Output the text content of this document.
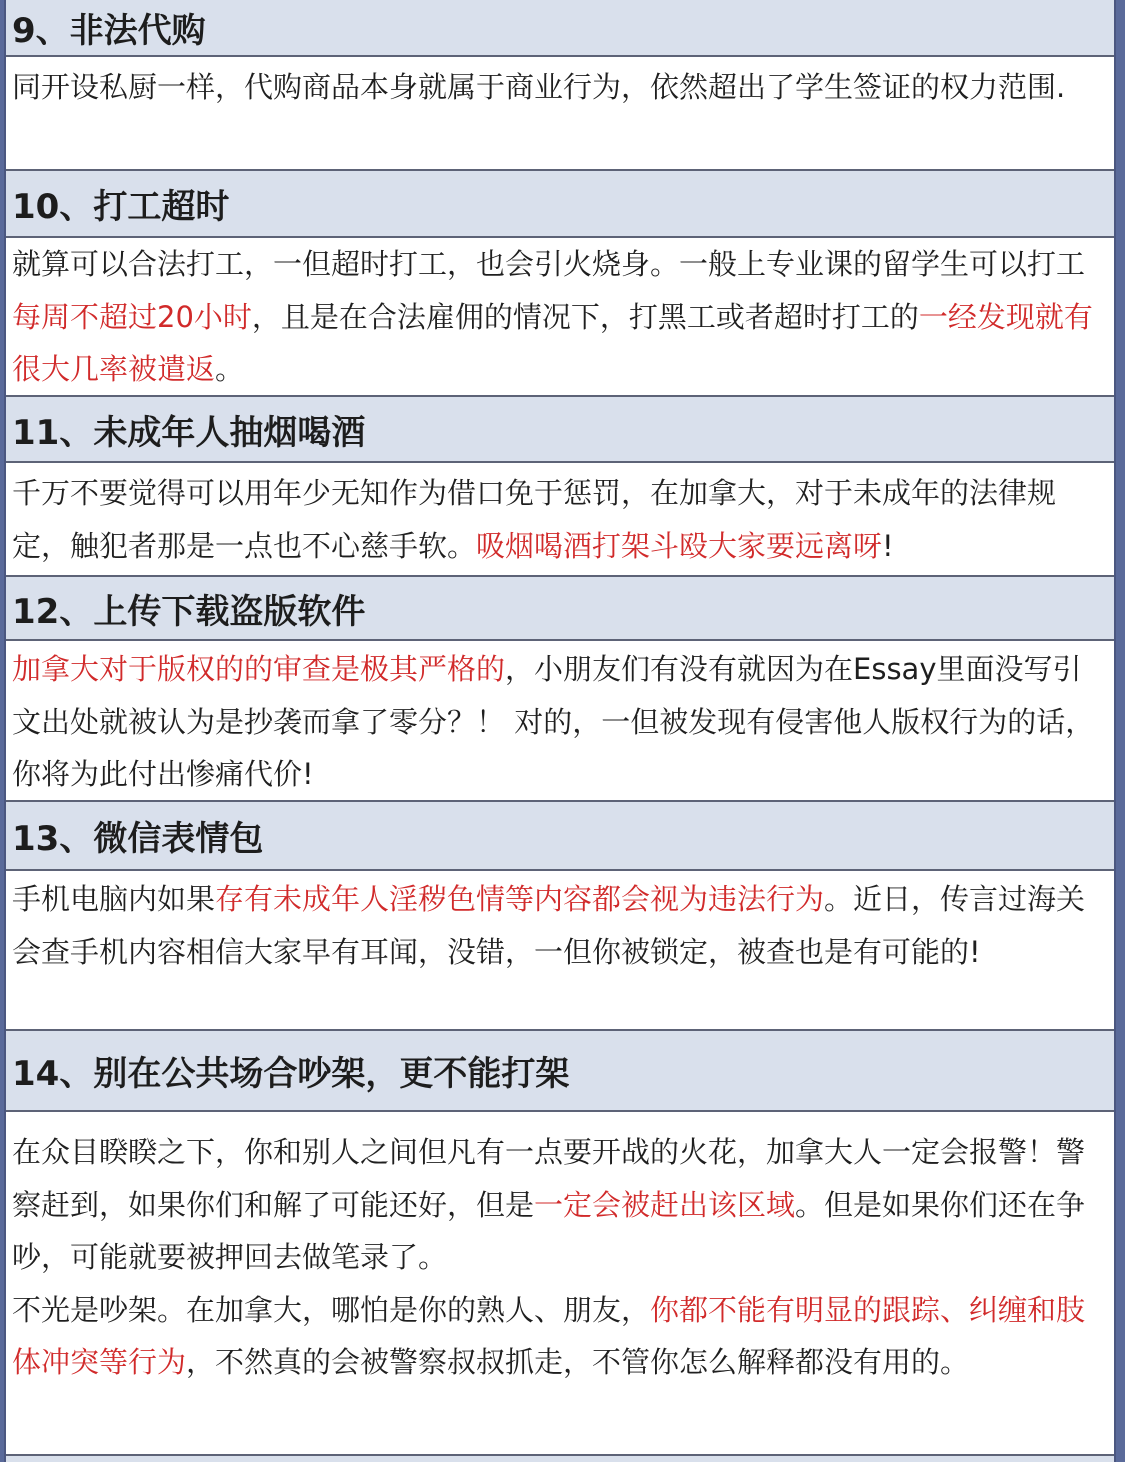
9、非法代购

同开设私厨一样，代购商品本身就属于商业行为，依然超出了学生签证的权力范围.

10、打工超时

就算可以合法打工，一但超时打工，也会引火烧身。一般上专业课的留学生可以打工每周不超过20小时，且是在合法雇佣的情况下，打黑工或者超时打工的一经发现就有很大几率被遣返。

11、未成年人抽烟喝酒

千万不要觉得可以用年少无知作为借口免于惩罚，在加拿大，对于未成年的法律规定，触犯者那是一点也不心慈手软。吸烟喝酒打架斗殴大家要远离呀!

12、上传下载盗版软件

加拿大对于版权的的审查是极其严格的，小朋友们有没有就因为在Essay里面没写引文出处就被认为是抄袭而拿了零分？！ 对的，一但被发现有侵害他人版权行为的话，你将为此付出惨痛代价!

13、微信表情包

手机电脑内如果存有未成年人淫秽色情等内容都会视为违法行为。近日，传言过海关会查手机内容相信大家早有耳闻，没错，一但你被锁定，被查也是有可能的!

14、别在公共场合吵架，更不能打架

在众目睽睽之下，你和别人之间但凡有一点要开战的火花，加拿大人一定会报警！警察赶到，如果你们和解了可能还好，但是一定会被赶出该区域。但是如果你们还在争吵，可能就要被押回去做笔录了。

不光是吵架。在加拿大，哪怕是你的熟人、朋友，你都不能有明显的跟踪、纠缠和肢体冲突等行为，不然真的会被警察叔叔抓走，不管你怎么解释都没有用的。
